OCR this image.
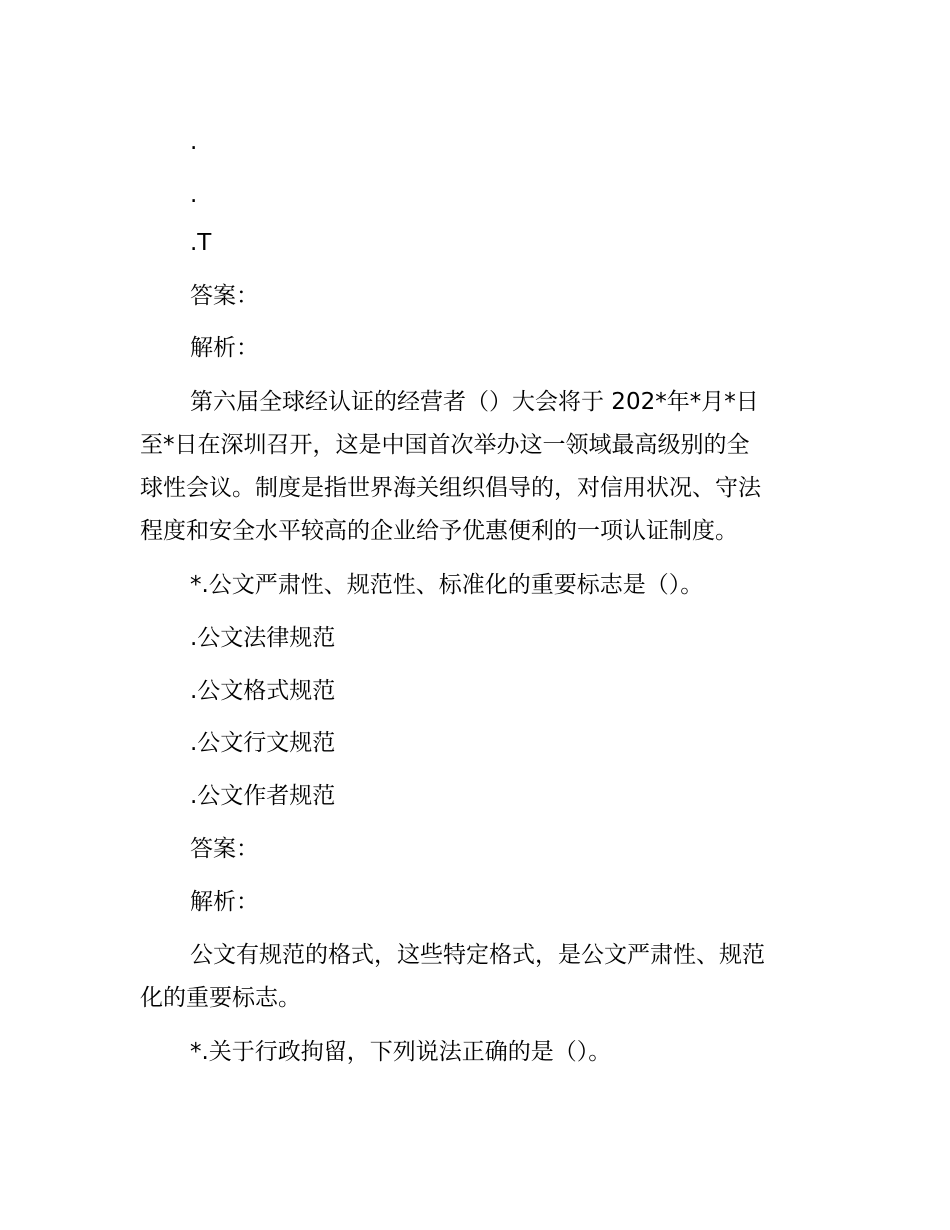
.
.
.T
答案：
解析：
第六届全球经认证的经营者（）大会将于 202*年*月*日
至*日在深圳召开，这是中国首次举办这一领域最高级别的全
球性会议。制度是指世界海关组织倡导的，对信用状况、守法
程度和安全水平较高的企业给予优惠便利的一项认证制度。
*.公文严肃性、规范性、标准化的重要标志是（）。
.公文法律规范
.公文格式规范
.公文行文规范
.公文作者规范
答案：
解析：
公文有规范的格式，这些特定格式，是公文严肃性、规范
化的重要标志。
*.关于行政拘留，下列说法正确的是（）。
